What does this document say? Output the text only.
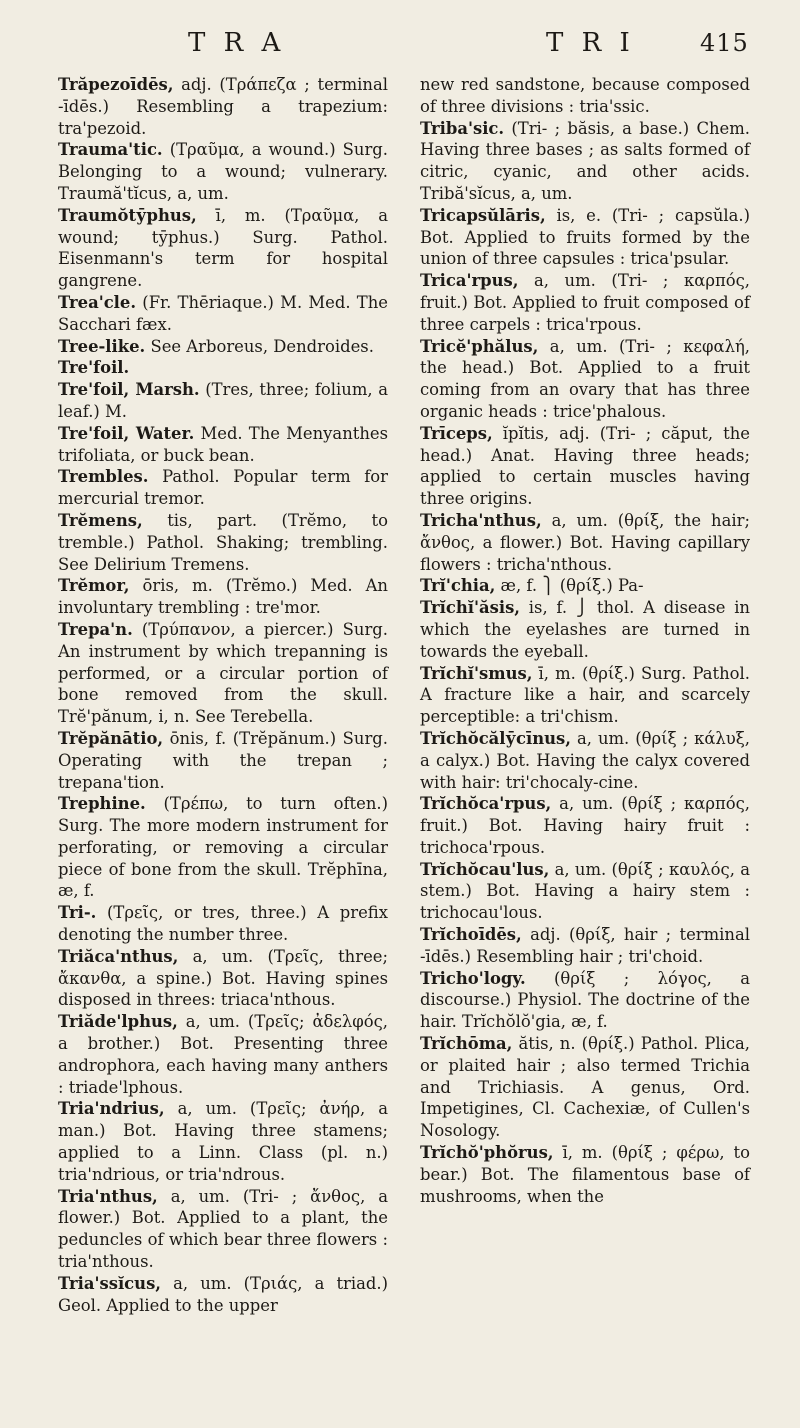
T R A	T R I	415

Trăpezoīdēs, adj. (Τράπεζα ; terminal -īdēs.) Resembling a trapezium: tra'pezoid.

Trauma'tic. (Τραῦμα, a wound.) Surg. Belonging to a wound; vulnerary. Traumă'tĭcus, a, um.

Traumŏtӯphus, ī, m. (Τραῦμα, a wound; tӯphus.) Surg. Pathol. Eisenmann's term for hospital gangrene.

Trea'cle. (Fr. Thēriaque.) M. Med. The Sacchari fæx.

Tree-like. See Arboreus, Dendroides.

Tre'foil.

Tre'foil, Marsh. (Tres, three; folium, a leaf.) M.

Tre'foil, Water. Med. The Menyanthes trifoliata, or buck bean.

Trembles. Pathol. Popular term for mercurial tremor.

Trĕmens, tis, part. (Trĕmo, to tremble.) Pathol. Shaking; trembling. See Delirium Tremens.

Trĕmor, ōris, m. (Trĕmo.) Med. An involuntary trembling : tre'mor.

Trepa'n. (Τρύπανον, a piercer.) Surg. An instrument by which trepanning is performed, or a circular portion of bone removed from the skull. Trĕ'pănum, i, n. See Terebella.

Trĕpănātio, ōnis, f. (Trĕpănum.) Surg. Operating with the trepan ; trepana'tion.

Trephine. (Τρέπω, to turn often.) Surg. The more modern instrument for perforating, or removing a circular piece of bone from the skull. Trĕphīna, æ, f.

Tri-. (Τρεῖς, or tres, three.) A prefix denoting the number three.

Triăca'nthus, a, um. (Τρεῖς, three; ἄκανθα, a spine.) Bot. Having spines disposed in threes: triaca'nthous.

Triăde'lphus, a, um. (Τρεῖς; ἀδελφός, a brother.) Bot. Presenting three androphora, each having many anthers : triade'lphous.

Tria'ndrius, a, um. (Τρεῖς; ἀνήρ, a man.) Bot. Having three stamens; applied to a Linn. Class (pl. n.) tria'ndrious, or tria'ndrous.

Tria'nthus, a, um. (Tri- ; ἄνθος, a flower.) Bot. Applied to a plant, the peduncles of which bear three flowers : tria'nthous.

Tria'ssĭcus, a, um. (Τριάς, a triad.) Geol. Applied to the upper

new red sandstone, because composed of three divisions : tria'ssic.

Triba'sic. (Tri- ; băsis, a base.) Chem. Having three bases ; as salts formed of citric, cyanic, and other acids. Tribă'sĭcus, a, um.

Tricapsŭlāris, is, e. (Tri- ; capsŭla.) Bot. Applied to fruits formed by the union of three capsules : trica'psular.

Trica'rpus, a, um. (Tri- ; καρπός, fruit.) Bot. Applied to fruit composed of three carpels : trica'rpous.

Tricĕ'phălus, a, um. (Tri- ; κεφαλή, the head.) Bot. Applied to a fruit coming from an ovary that has three organic heads : trice'phalous.

Trīceps, ĭpĭtis, adj. (Tri- ; căput, the head.) Anat. Having three heads; applied to certain muscles having three origins.

Tricha'nthus, a, um. (θρίξ, the hair; ἄνθος, a flower.) Bot. Having capillary flowers : tricha'nthous.

Trĭ'chia, æ, f. ⎫ (θρίξ.) Pa-

Trĭchĭ'ăsis, is, f. ⎭ thol. A disease in which the eyelashes are turned in towards the eyeball.

Trĭchĭ'smus, ī, m. (θρίξ.) Surg. Pathol. A fracture like a hair, and scarcely perceptible: a tri'chism.

Trĭchŏcălӯcīnus, a, um. (θρίξ ; κάλυξ, a calyx.) Bot. Having the calyx covered with hair: tri'chocaly-cine.

Trĭchŏca'rpus, a, um. (θρίξ ; καρπός, fruit.) Bot. Having hairy fruit : trichoca'rpous.

Trĭchŏcau'lus, a, um. (θρίξ ; καυλός, a stem.) Bot. Having a hairy stem : trichocau'lous.

Trĭchoīdēs, adj. (θρίξ, hair ; terminal -īdēs.) Resembling hair ; tri'choid.

Tricho'logy. (θρίξ ; λόγος, a discourse.) Physiol. The doctrine of the hair. Trĭchŏlŏ'gia, æ, f.

Trĭchōma, ătis, n. (θρίξ.) Pathol. Plica, or plaited hair ; also termed Trichia and Trichiasis. A genus, Ord. Impetigines, Cl. Cachexiæ, of Cullen's Nosology.

Trĭchŏ'phŏrus, ī, m. (θρίξ ; φέρω, to bear.) Bot. The filamentous base of mushrooms, when the
